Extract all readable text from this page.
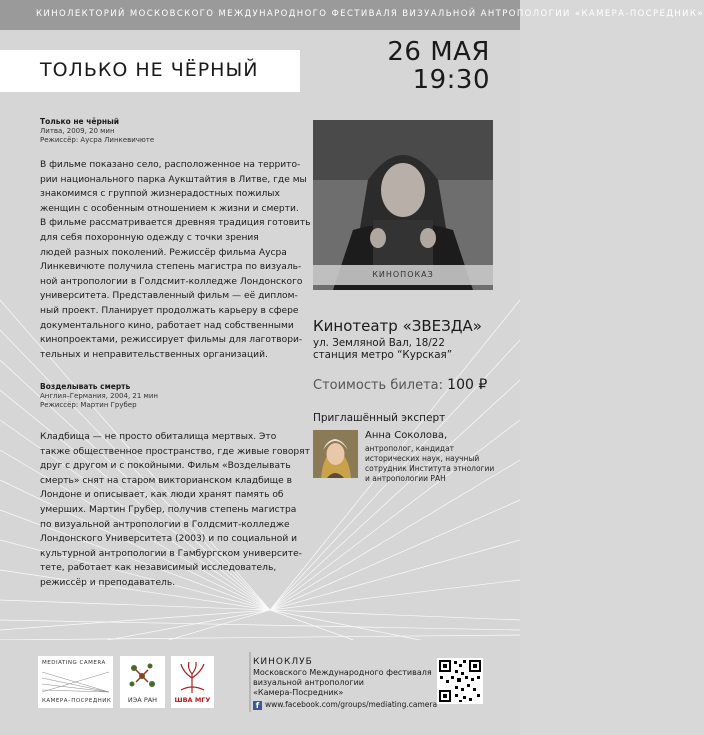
КИНОЛЕКТОРИЙ МОСКОВСКОГО МЕЖДУНАРОДНОГО ФЕСТИВАЛЯ ВИЗУАЛЬНОЙ АНТРОПОЛОГИИ «КАМЕРА-ПОСРЕДНИК»
ТОЛЬКО НЕ ЧЁРНЫЙ
26 МАЯ
19:30
Только не чёрный
Литва, 2009, 20 мин
Режиссёр: Аусра Линкевичюте
В фильме показано село, расположенное на террито-
рии национального парка Аукштайтия в Литве, где мы
знакомимся с группой жизнерадостных пожилых
женщин с особенным отношением к жизни и смерти.
В фильме рассматривается древняя традиция готовить
для себя похоронную одежду с точки зрения
людей разных поколений. Режиссёр фильма Аусра
Линкевичюте получила степень магистра по визуаль-
ной антропологии в Голдсмит-колледже Лондонского
университета. Представленный фильм — её диплом-
ный проект. Планирует продолжать карьеру в сфере
документального кино, работает над собственными
кинопроектами, режиссирует фильмы для лаготвори-
тельных и неправительственных организаций.
Возделывать смерть
Англия–Германия, 2004, 21 мин
Режиссёр: Мартин Грубер
Кладбища — не просто обиталища мертвых. Это
также общественное пространство, где живые говорят
друг с другом и с покойными. Фильм «Возделывать
смерть» снят на старом викторианском кладбище в
Лондоне и описывает, как люди хранят память об
умерших. Мартин Грубер, получив степень магистра
по визуальной антропологии в Голдсмит-колледже
Лондонского Университета (2003) и по социальной и
культурной антропологии в Гамбургском университе-
тете, работает как независимый исследователь,
режиссёр и преподаватель.
КИНОПОКАЗ
Кинотеатр «ЗВЕЗДА»
ул. Земляной Вал, 18/22
станция метро “Курская”
Стоимость билета: 100 ₽
Приглашённый эксперт
Анна Соколова,
антрополог, кандидат
исторических наук, научный
сотрудник Института этнологии
и антропологии РАН
MEDIATING CAMERA
КАМЕРА–ПОСРЕДНИК	ИЭА РАН	ШВА МГУ
КИНОКЛУБ
Московского Международного фестиваля
визуальной антропологии
«Камера-Посредник»
f www.facebook.com/groups/mediating.camera
